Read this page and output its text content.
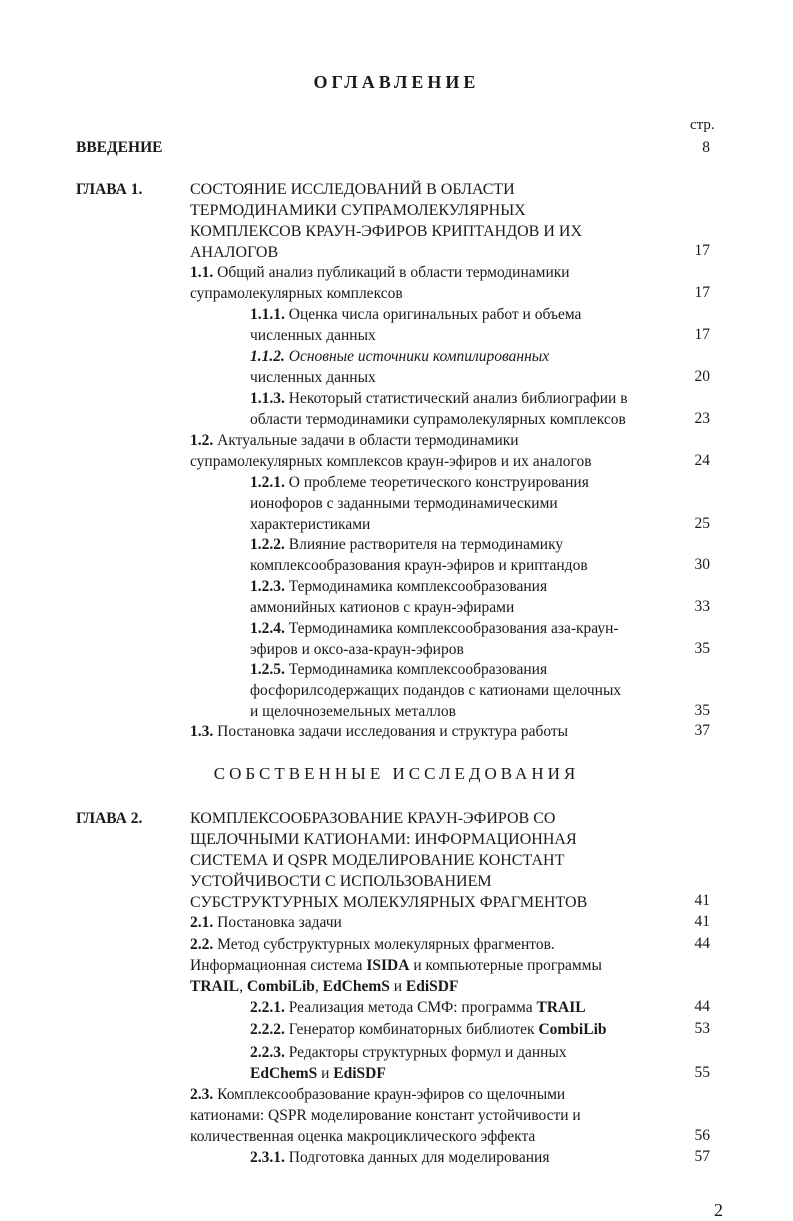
ОГЛАВЛЕНИЕ
стр.
ВВЕДЕНИЕ	8
ГЛАВА 1.	СОСТОЯНИЕ ИССЛЕДОВАНИЙ В ОБЛАСТИ
ТЕРМОДИНАМИКИ СУПРАМОЛЕКУЛЯРНЫХ
КОМПЛЕКСОВ КРАУН-ЭФИРОВ КРИПТАНДОВ И ИХ
АНАЛОГОВ	17
1.1. Общий анализ публикаций в области термодинамики
супрамолекулярных комплексов	17
1.1.1. Оценка числа оригинальных работ и объема
численных данных	17
1.1.2. Основные источники компилированных
численных данных	20
1.1.3. Некоторый статистический анализ библиографии в
области термодинамики супрамолекулярных комплексов	23
1.2. Актуальные задачи в области термодинамики
супрамолекулярных комплексов краун-эфиров и их аналогов	24
1.2.1. О проблеме теоретического конструирования
ионофоров с заданными термодинамическими
характеристиками	25
1.2.2. Влияние растворителя на термодинамику
комплексообразования краун-эфиров и криптандов	30
1.2.3. Термодинамика комплексообразования
аммонийных катионов с краун-эфирами	33
1.2.4. Термодинамика комплексообразования аза-краун-
эфиров и оксо-аза-краун-эфиров	35
1.2.5. Термодинамика комплексообразования
фосфорилсодержащих подандов с катионами щелочных
и щелочноземельных металлов	35
1.3. Постановка задачи исследования и структура работы	37
СОБСТВЕННЫЕ ИССЛЕДОВАНИЯ
ГЛАВА 2.	КОМПЛЕКСООБРАЗОВАНИЕ КРАУН-ЭФИРОВ СО
ЩЕЛОЧНЫМИ КАТИОНАМИ: ИНФОРМАЦИОННАЯ
СИСТЕМА И QSPR МОДЕЛИРОВАНИЕ КОНСТАНТ
УСТОЙЧИВОСТИ С ИСПОЛЬЗОВАНИЕМ
СУБСТРУКТУРНЫХ МОЛЕКУЛЯРНЫХ ФРАГМЕНТОВ	41
2.1. Постановка задачи	41
2.2. Метод субструктурных молекулярных фрагментов.
Информационная система ISIDA и компьютерные программы
TRAIL, CombiLib, EdChemS и EdiSDF
44
2.2.1. Реализация метода СМФ: программа TRAIL	44
2.2.2. Генератор комбинаторных библиотек CombiLib	53
2.2.3. Редакторы структурных формул и данных
EdChemS и EdiSDF	55
2.3. Комплексообразование краун-эфиров со щелочными
катионами: QSPR моделирование констант устойчивости и
количественная оценка макроциклического эффекта	56
2.3.1. Подготовка данных для моделирования	57
2
